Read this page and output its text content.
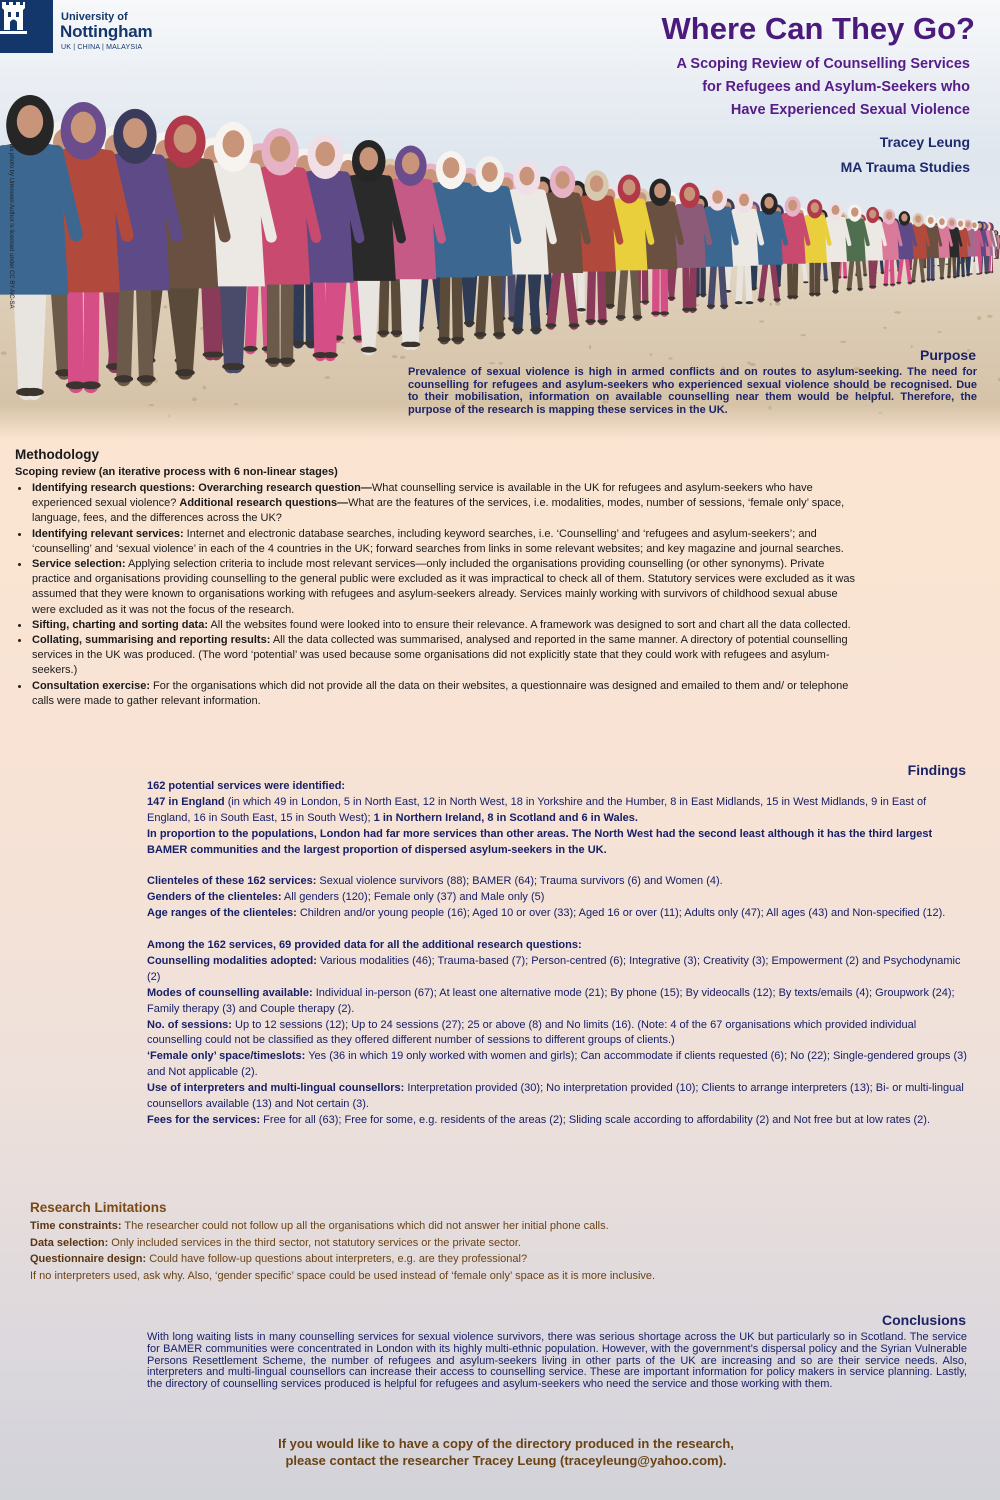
University of
Nottingham
UK | CHINA | MALAYSIA
This photo by Unknown Author is licensed under CC BY-NC-SA
Where Can They Go?
A Scoping Review of Counselling Services
for Refugees and Asylum-Seekers who
Have Experienced Sexual Violence
Tracey Leung
MA Trauma Studies
Purpose
Prevalence of sexual violence is high in armed conflicts and on routes to asylum-seeking. The need for counselling for refugees and asylum-seekers who experienced sexual violence should be recognised. Due to their mobilisation, information on available counselling near them would be helpful. Therefore, the purpose of the research is mapping these services in the UK.
Methodology
Scoping review (an iterative process with 6 non-linear stages)
Identifying research questions: Overarching research question—What counselling service is available in the UK for refugees and asylum-seekers who have experienced sexual violence? Additional research questions—What are the features of the services, i.e. modalities, modes, number of sessions, ‘female only’ space, language, fees, and the differences across the UK?
Identifying relevant services: Internet and electronic database searches, including keyword searches, i.e. ‘Counselling’ and ‘refugees and asylum-seekers’; and ‘counselling’ and ‘sexual violence’ in each of the 4 countries in the UK; forward searches from links in some relevant websites; and key magazine and journal searches.
Service selection: Applying selection criteria to include most relevant services—only included the organisations providing counselling (or other synonyms). Private practice and organisations providing counselling to the general public were excluded as it was impractical to check all of them. Statutory services were excluded as it was assumed that they were known to organisations working with refugees and asylum-seekers already. Services mainly working with survivors of childhood sexual abuse were excluded as it was not the focus of the research.
Sifting, charting and sorting data: All the websites found were looked into to ensure their relevance. A framework was designed to sort and chart all the data collected.
Collating, summarising and reporting results: All the data collected was summarised, analysed and reported in the same manner. A directory of potential counselling services in the UK was produced. (The word ‘potential’ was used because some organisations did not explicitly state that they could work with refugees and asylum-seekers.)
Consultation exercise: For the organisations which did not provide all the data on their websites, a questionnaire was designed and emailed to them and/ or telephone calls were made to gather relevant information.
Findings

162 potential services were identified:

147 in England (in which 49 in London, 5 in North East, 12 in North West, 18 in Yorkshire and the Humber, 8 in East Midlands, 15 in West Midlands, 9 in East of England, 16 in South East, 15 in South West); 1 in Northern Ireland, 8 in Scotland and 6 in Wales.

In proportion to the populations, London had far more services than other areas. The North West had the second least although it has the third largest BAMER communities and the largest proportion of dispersed asylum-seekers in the UK.

Clienteles of these 162 services: Sexual violence survivors (88); BAMER (64); Trauma survivors (6) and Women (4).

Genders of the clienteles: All genders (120); Female only (37) and Male only (5)

Age ranges of the clienteles: Children and/or young people (16); Aged 10 or over (33); Aged 16 or over (11); Adults only (47); All ages (43) and Non-specified (12).

Among the 162 services, 69 provided data for all the additional research questions:

Counselling modalities adopted: Various modalities (46); Trauma-based (7); Person-centred (6); Integrative (3); Creativity (3); Empowerment (2) and Psychodynamic (2)

Modes of counselling available: Individual in-person (67); At least one alternative mode (21); By phone (15); By videocalls (12); By texts/emails (4); Groupwork (24); Family therapy (3) and Couple therapy (2).

No. of sessions: Up to 12 sessions (12); Up to 24 sessions (27); 25 or above (8) and No limits (16). (Note: 4 of the 67 organisations which provided individual counselling could not be classified as they offered different number of sessions to different groups of clients.)

‘Female only’ space/timeslots: Yes (36 in which 19 only worked with women and girls); Can accommodate if clients requested (6); No (22); Single-gendered groups (3) and Not applicable (2).

Use of interpreters and multi-lingual counsellors: Interpretation provided (30); No interpretation provided (10); Clients to arrange interpreters (13); Bi- or multi-lingual counsellors available (13) and Not certain (3).

Fees for the services: Free for all (63); Free for some, e.g. residents of the areas (2); Sliding scale according to affordability (2) and Not free but at low rates (2).

Research Limitations

Time constraints: The researcher could not follow up all the organisations which did not answer her initial phone calls.

Data selection: Only included services in the third sector, not statutory services or the private sector.

Questionnaire design: Could have follow-up questions about interpreters, e.g. are they professional?

If no interpreters used, ask why. Also, ‘gender specific’ space could be used instead of ‘female only’ space as it is more inclusive.

Conclusions
With long waiting lists in many counselling services for sexual violence survivors, there was serious shortage across the UK but particularly so in Scotland. The service for BAMER communities were concentrated in London with its highly multi-ethnic population. However, with the government’s dispersal policy and the Syrian Vulnerable Persons Resettlement Scheme, the number of refugees and asylum-seekers living in other parts of the UK are increasing and so are their service needs. Also, interpreters and multi-lingual counsellors can increase their access to counselling service. These are important information for policy makers in service planning. Lastly, the directory of counselling services produced is helpful for refugees and asylum-seekers who need the service and those working with them.
If you would like to have a copy of the directory produced in the research,
please contact the researcher Tracey Leung (traceyleung@yahoo.com).
